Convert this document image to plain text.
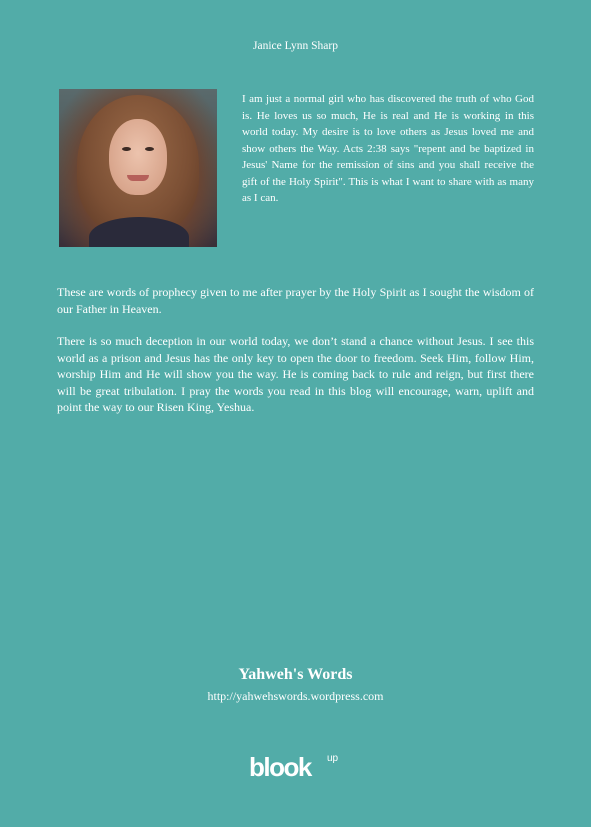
Janice Lynn Sharp

I am just a normal girl who has discovered the truth of who God is. He loves us so much, He is real and He is working in this world today. My desire is to love others as Jesus loved me and show others the Way. Acts 2:38 says "repent and be baptized in Jesus' Name for the remission of sins and you shall receive the gift of the Holy Spirit". This is what I want to share with as many as I can.

These are words of prophecy given to me after prayer by the Holy Spirit as I sought the wisdom of our Father in Heaven.

There is so much deception in our world today, we don’t stand a chance without Jesus. I see this world as a prison and Jesus has the only key to open the door to freedom. Seek Him, follow Him, worship Him and He will show you the way. He is coming back to rule and reign, but first there will be great tribulation. I pray the words you read in this blog will encourage, warn, uplift and point the way to our Risen King, Yeshua.

Yahweh's Words
http://yahwehswords.wordpress.com
blook up
